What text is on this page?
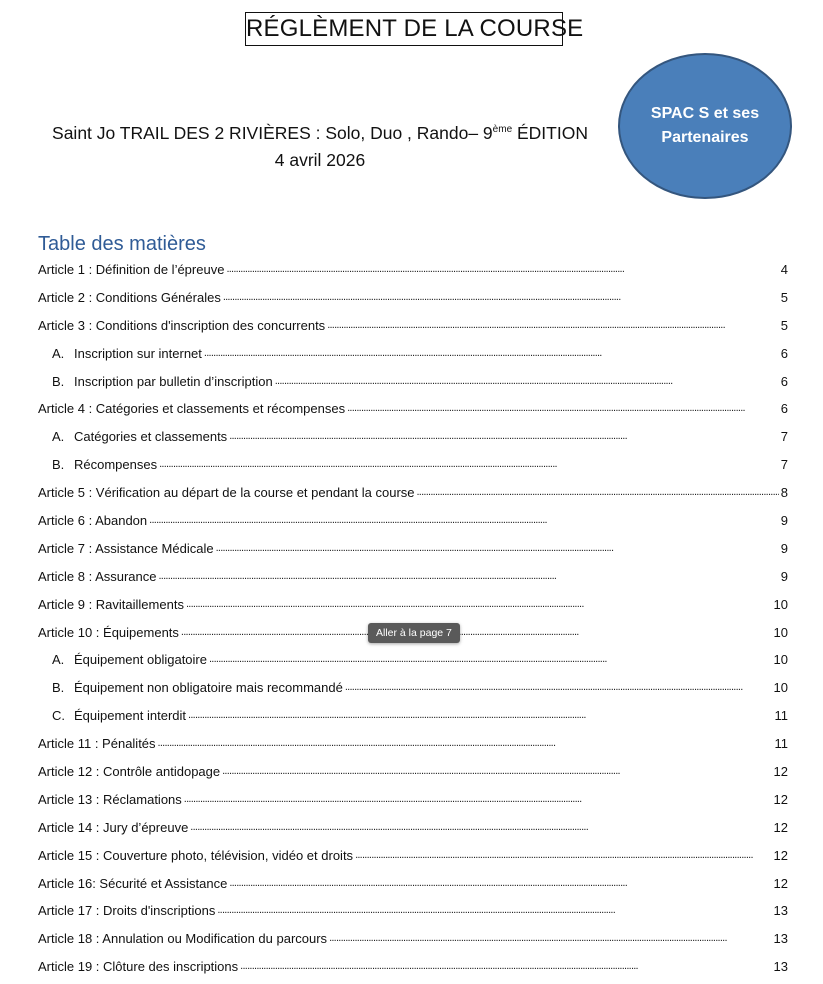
RÉGLÈMENT DE LA COURSE
Saint Jo TRAIL DES 2 RIVIÈRES : Solo, Duo , Rando– 9ème ÉDITION
4 avril 2026
SPAC S et ses Partenaires
Table des matières
Article 1 : Définition de l’épreuve . . .	4
Article 2 : Conditions Générales . . .	5
Article 3 : Conditions d'inscription des concurrents . . .	5
A. Inscription sur internet . . .	6
B. Inscription par bulletin d’inscription . . .	6
Article 4 : Catégories et classements et récompenses . . .	6
A. Catégories et classements . . .	7
B. Récompenses . . .	7
Article 5 : Vérification au départ de la course et pendant la course . . .	8
Article 6 : Abandon . . .	9
Article 7 : Assistance Médicale . . .	9
Article 8 : Assurance . . .	9
Article 9 : Ravitaillements . . .	10
Article 10 : Équipements . . .	10
A. Équipement obligatoire . . .	10
B. Équipement non obligatoire mais recommandé . . .	10
C. Équipement interdit . . .	11
Article 11 : Pénalités . . .	11
Article 12 : Contrôle antidopage . . .	12
Article 13 : Réclamations . . .	12
Article 14 : Jury d’épreuve . . .	12
Article 15 : Couverture photo, télévision, vidéo et droits . . .	12
Article 16: Sécurité et Assistance . . .	12
Article 17 : Droits d'inscriptions . . .	13
Article 18 : Annulation ou Modification du parcours . . .	13
Article 19 : Clôture des inscriptions . . .	13
Aller à la page 7
